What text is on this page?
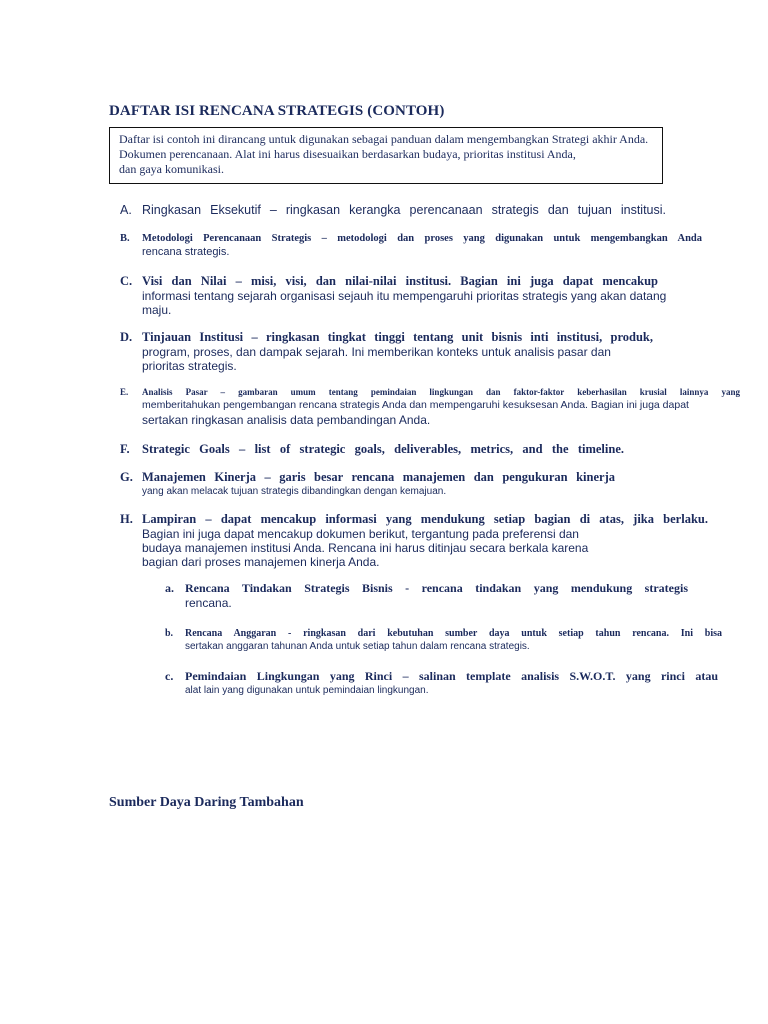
DAFTAR ISI RENCANA STRATEGIS (CONTOH)
Daftar isi contoh ini dirancang untuk digunakan sebagai panduan dalam mengembangkan Strategi akhir Anda.
Dokumen perencanaan. Alat ini harus disesuaikan berdasarkan budaya, prioritas institusi Anda,
dan gaya komunikasi.
A. Ringkasan Eksekutif – ringkasan kerangka perencanaan strategis dan tujuan institusi.
B.	Metodologi Perencanaan Strategis – metodologi dan proses yang digunakan untuk mengembangkan Anda
rencana strategis.
C. Visi dan Nilai – misi, visi, dan nilai-nilai institusi. Bagian ini juga dapat mencakup
informasi tentang sejarah organisasi sejauh itu mempengaruhi prioritas strategis yang akan datang
maju.
D. Tinjauan Institusi – ringkasan tingkat tinggi tentang unit bisnis inti institusi, produk,
program, proses, dan dampak sejarah. Ini memberikan konteks untuk analisis pasar dan
prioritas strategis.
E.	Analisis Pasar – gambaran umum tentang pemindaian lingkungan dan faktor-faktor keberhasilan krusial lainnya yang
memberitahukan pengembangan rencana strategis Anda dan mempengaruhi kesuksesan Anda. Bagian ini juga dapat
sertakan ringkasan analisis data pembandingan Anda.
F. Strategic Goals – list of strategic goals, deliverables, metrics, and the timeline.
G. Manajemen Kinerja – garis besar rencana manajemen dan pengukuran kinerja
yang akan melacak tujuan strategis dibandingkan dengan kemajuan.
H. Lampiran – dapat mencakup informasi yang mendukung setiap bagian di atas, jika berlaku.
Bagian ini juga dapat mencakup dokumen berikut, tergantung pada preferensi dan
budaya manajemen institusi Anda. Rencana ini harus ditinjau secara berkala karena
bagian dari proses manajemen kinerja Anda.
a. Rencana Tindakan Strategis Bisnis - rencana tindakan yang mendukung strategis
rencana.
b.	Rencana Anggaran - ringkasan dari kebutuhan sumber daya untuk setiap tahun rencana. Ini bisa
sertakan anggaran tahunan Anda untuk setiap tahun dalam rencana strategis.
c. Pemindaian Lingkungan yang Rinci – salinan template analisis S.W.O.T. yang rinci atau
alat lain yang digunakan untuk pemindaian lingkungan.
Sumber Daya Daring Tambahan
